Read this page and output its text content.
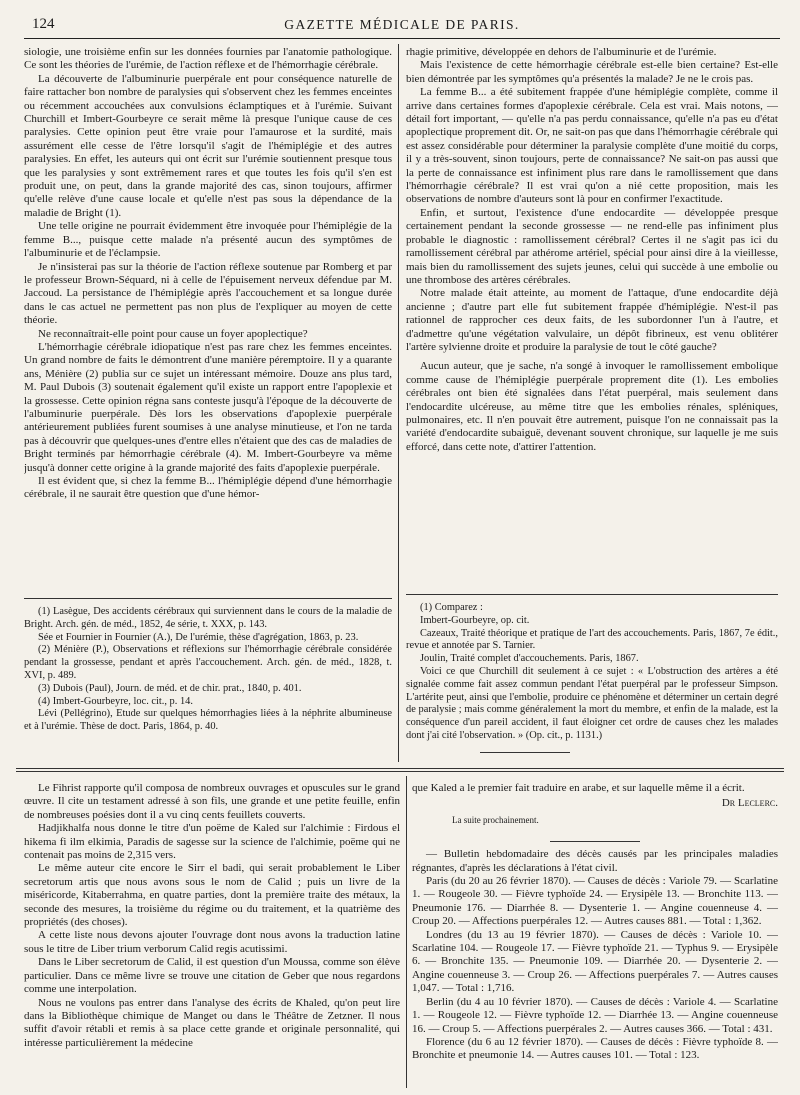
124	GAZETTE MÉDICALE DE PARIS.

siologie, une troisième enfin sur les données fournies par l'anatomie pathologique. Ce sont les théories de l'urémie, de l'action réflexe et de l'hémorrhagie cérébrale.

La découverte de l'albuminurie puerpérale ent pour conséquence naturelle de faire rattacher bon nombre de paralysies qui s'observent chez les femmes enceintes ou récemment accouchées aux convulsions éclamptiques et à l'urémie. Suivant Churchill et Imbert-Gourbeyre ce serait même là presque l'unique cause de ces paralysies. Cette opinion peut être vraie pour l'amaurose et la surdité, mais assurément elle cesse de l'être lorsqu'il s'agit de l'hémiplégie et des autres paralysies. En effet, les auteurs qui ont écrit sur l'urémie soutiennent presque tous que les paralysies y sont extrêmement rares et que toutes les fois qu'il s'en est produit une, on peut, dans la grande majorité des cas, sinon toujours, affirmer qu'elle relève d'une cause locale et qu'elle n'est pas sous la dépendance de la maladie de Bright (1).

Une telle origine ne pourrait évidemment être invoquée pour l'hémiplégie de la femme B..., puisque cette malade n'a présenté aucun des symptômes de l'albuminurie et de l'éclampsie.

Je n'insisterai pas sur la théorie de l'action réflexe soutenue par Romberg et par le professeur Brown-Séquard, ni à celle de l'épuisement nerveux défendue par M. Jaccoud. La persistance de l'hémiplégie après l'accouchement et sa longue durée dans le cas actuel ne permettent pas non plus de l'expliquer au moyen de cette théorie.

Ne reconnaîtrait-elle point pour cause un foyer apoplectique?

L'hémorrhagie cérébrale idiopatique n'est pas rare chez les femmes enceintes. Un grand nombre de faits le démontrent d'une manière péremptoire. Il y a quarante ans, Ménière (2) publia sur ce sujet un intéressant mémoire. Douze ans plus tard, M. Paul Dubois (3) soutenait également qu'il existe un rapport entre l'apoplexie et la grossesse. Cette opinion régna sans conteste jusqu'à l'époque de la découverte de l'albuminurie puerpérale. Dès lors les observations d'apoplexie puerpérale antérieurement publiées furent soumises à une analyse minutieuse, et l'on ne tarda pas à découvrir que quelques-unes d'entre elles n'étaient que des cas de maladies de Bright terminés par hémorrhagie cérébrale (4). M. Imbert-Gourbeyre va même jusqu'à donner cette origine à la grande majorité des faits d'apoplexie puerpérale.

Il est évident que, si chez la femme B... l'hémiplégie dépend d'une hémorrhagie cérébrale, il ne saurait être question que d'une hémor-

rhagie primitive, développée en dehors de l'albuminurie et de l'urémie.

Mais l'existence de cette hémorrhagie cérébrale est-elle bien certaine? Est-elle bien démontrée par les symptômes qu'a présentés la malade? Je ne le crois pas.

La femme B... a été subitement frappée d'une hémiplégie complète, comme il arrive dans certaines formes d'apoplexie cérébrale. Cela est vrai. Mais notons, — détail fort important, — qu'elle n'a pas perdu connaissance, qu'elle n'a pas eu d'état apoplectique proprement dit. Or, ne sait-on pas que dans l'hémorrhagie cérébrale qui est assez considérable pour déterminer la paralysie complète d'une moitié du corps, il y a très-souvent, sinon toujours, perte de connaissance? Ne sait-on pas aussi que la perte de connaissance est infiniment plus rare dans le ramollissement que dans l'hémorrhagie cérébrale? Il est vrai qu'on a nié cette proposition, mais les observations de nombre d'auteurs sont là pour en confirmer l'exactitude.

Enfin, et surtout, l'existence d'une endocardite — développée presque certainement pendant la seconde grossesse — ne rend-elle pas infiniment plus probable le diagnostic : ramollissement cérébral? Certes il ne s'agit pas ici du ramollissement cérébral par athérome artériel, spécial pour ainsi dire à la vieillesse, mais bien du ramollissement des sujets jeunes, celui qui succède à une embolie ou une thrombose des artères cérébrales.

Notre malade était atteinte, au moment de l'attaque, d'une endocardite déjà ancienne ; d'autre part elle fut subitement frappée d'hémiplégie. N'est-il pas rationnel de rapprocher ces deux faits, de les subordonner l'un à l'autre, et d'admettre qu'une végétation valvulaire, un dépôt fibrineux, est venu oblitérer l'artère sylvienne droite et produire la paralysie de tout le côté gauche?

Aucun auteur, que je sache, n'a songé à invoquer le ramollissement embolique comme cause de l'hémiplégie puerpérale proprement dite (1). Les embolies cérébrales ont bien été signalées dans l'état puerpéral, mais seulement dans l'endocardite ulcéreuse, au même titre que les embolies rénales, spléniques, pulmonaires, etc. Il n'en pouvait être autrement, puisque l'on ne connaissait pas la variété d'endocardite subaiguë, devenant souvent chronique, sur laquelle je me suis efforcé, dans cette note, d'attirer l'attention.

(1) Lasègue, Des accidents cérébraux qui surviennent dans le cours de la maladie de Bright. Arch. gén. de méd., 1852, 4e série, t. XXX, p. 143.

Sée et Fournier in Fournier (A.), De l'urémie, thèse d'agrégation, 1863, p. 23.

(2) Ménière (P.), Observations et réflexions sur l'hémorrhagie cérébrale considérée pendant la grossesse, pendant et après l'accouchement. Arch. gén. de méd., 1828, t. XVI, p. 489.

(3) Dubois (Paul), Journ. de méd. et de chir. prat., 1840, p. 401.

(4) Imbert-Gourbeyre, loc. cit., p. 14.

Lévi (Pellégrino), Etude sur quelques hémorrhagies liées à la néphrite albumineuse et à l'urémie. Thèse de doct. Paris, 1864, p. 40.

(1) Comparez :

Imbert-Gourbeyre, op. cit.

Cazeaux, Traité théorique et pratique de l'art des accouchements. Paris, 1867, 7e édit., revue et annotée par S. Tarnier.

Joulin, Traité complet d'accouchements. Paris, 1867.

Voici ce que Churchill dit seulement à ce sujet : « L'obstruction des artères a été signalée comme fait assez commun pendant l'état puerpéral par le professeur Simpson. L'artérite peut, ainsi que l'embolie, produire ce phénomène et déterminer un certain degré de paralysie ; mais comme généralement la mort du membre, et enfin de la malade, est la conséquence d'un pareil accident, il faut éloigner cet ordre de causes chez les malades dont j'ai cité l'observation. » (Op. cit., p. 1131.)

Le Fihrist rapporte qu'il composa de nombreux ouvrages et opuscules sur le grand œuvre. Il cite un testament adressé à son fils, une grande et une petite feuille, enfin de nombreuses poésies dont il a vu cinq cents feuillets couverts.

Hadjikhalfa nous donne le titre d'un poëme de Kaled sur l'alchimie : Firdous el hikema fi ilm elkimia, Paradis de sagesse sur la science de l'alchimie, poëme qui ne contenait pas moins de 2,315 vers.

Le même auteur cite encore le Sirr el badi, qui serait probablement le Liber secretorum artis que nous avons sous le nom de Calid ; puis un livre de la miséricorde, Kitaberrahma, en quatre parties, dont la première traite des métaux, la seconde des mesures, la troisième du régime ou du traitement, et la quatrième des propriétés (des choses).

A cette liste nous devons ajouter l'ouvrage dont nous avons la traduction latine sous le titre de Liber trium verborum Calid regis acutissimi.

Dans le Liber secretorum de Calid, il est question d'un Moussa, comme son élève particulier. Dans ce même livre se trouve une citation de Geber que nous regardons comme une interpolation.

Nous ne voulons pas entrer dans l'analyse des écrits de Khaled, qu'on peut lire dans la Bibliothèque chimique de Manget ou dans le Théâtre de Zetzner. Il nous suffit d'avoir rétabli et remis à sa place cette grande et originale personnalité, qui intéresse particulièrement la médecine

que Kaled a le premier fait traduire en arabe, et sur laquelle même il a écrit.

Dr Leclerc.

La suite prochainement.

— Bulletin hebdomadaire des décès causés par les principales maladies régnantes, d'après les déclarations à l'état civil.

Paris (du 20 au 26 février 1870). — Causes de décès : Variole 79. — Scarlatine 1. — Rougeole 30. — Fièvre typhoïde 24. — Erysipèle 13. — Bronchite 113. — Pneumonie 176. — Diarrhée 8. — Dysenterie 1. — Angine couenneuse 4. — Croup 20. — Affections puerpérales 12. — Autres causes 881. — Total : 1,362.

Londres (du 13 au 19 février 1870). — Causes de décès : Variole 10. — Scarlatine 104. — Rougeole 17. — Fièvre typhoïde 21. — Typhus 9. — Erysipèle 6. — Bronchite 135. — Pneumonie 109. — Diarrhée 20. — Dysenterie 2. — Angine couenneuse 3. — Croup 26. — Affections puerpérales 7. — Autres causes 1,047. — Total : 1,716.

Berlin (du 4 au 10 février 1870). — Causes de décès : Variole 4. — Scarlatine 1. — Rougeole 12. — Fièvre typhoïde 12. — Diarrhée 13. — Angine couenneuse 16. — Croup 5. — Affections puerpérales 2. — Autres causes 366. — Total : 431.

Florence (du 6 au 12 février 1870). — Causes de décès : Fièvre typhoïde 8. — Bronchite et pneumonie 14. — Autres causes 101. — Total : 123.
